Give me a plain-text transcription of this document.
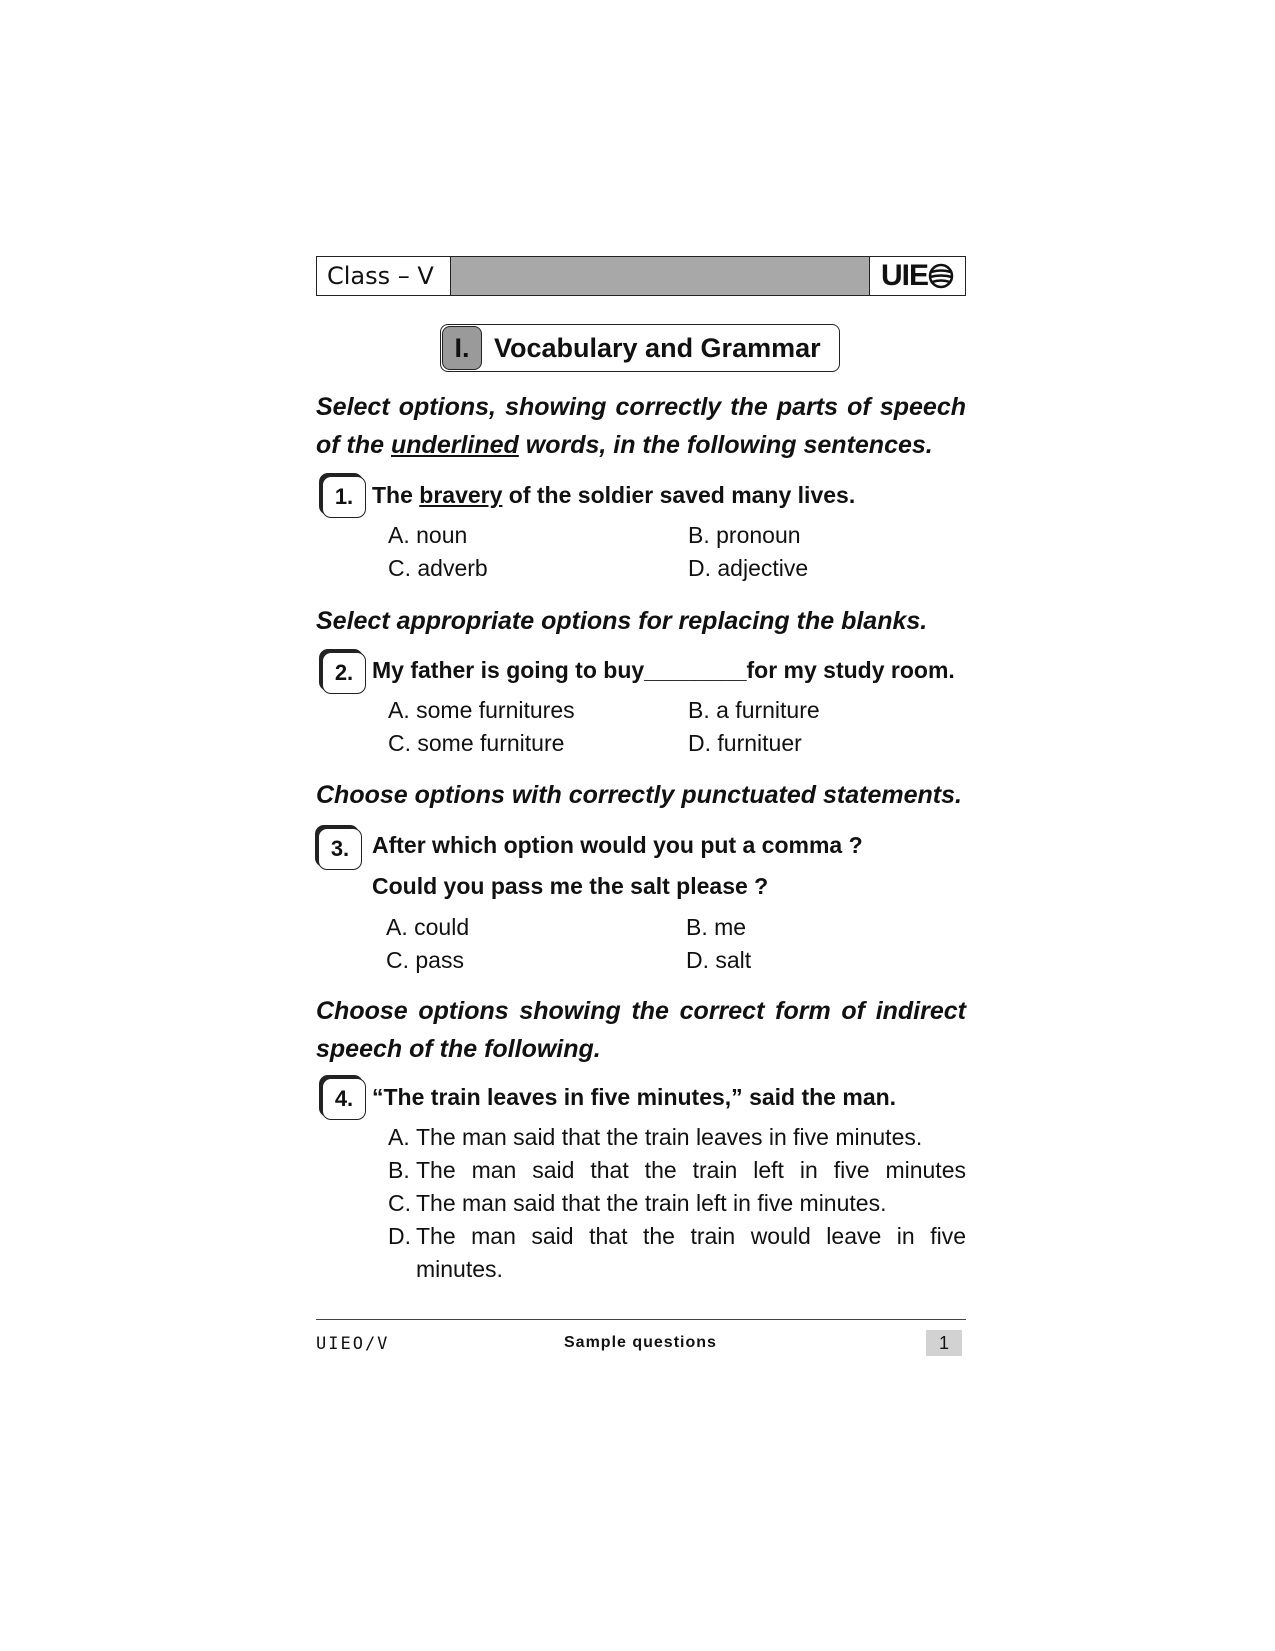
Class – V	UIE
I. Vocabulary and Grammar
Select options, showing correctly the parts of speech of the underlined words, in the following sentences.
1. The bravery of the soldier saved many lives.
A. noun	B. pronoun
C. adverb	D. adjective
Select appropriate options for replacing the blanks.
2. My father is going to buy________for my study room.
A. some furnitures	B. a furniture
C. some furniture	D. furnituer
Choose options with correctly punctuated statements.
3. After which option would you put a comma ?
Could you pass me the salt please ?
A. could	B. me
C. pass	D. salt
Choose options showing the correct form of indirect speech of the following.
4. “The train leaves in five minutes,” said the man.
A. The man said that the train leaves in five minutes.
B. The man said that the train left in five minutes
C. The man said that the train left in five minutes.
D. The man said that the train would leave in five
minutes.
UIEO/V	Sample questions	1
